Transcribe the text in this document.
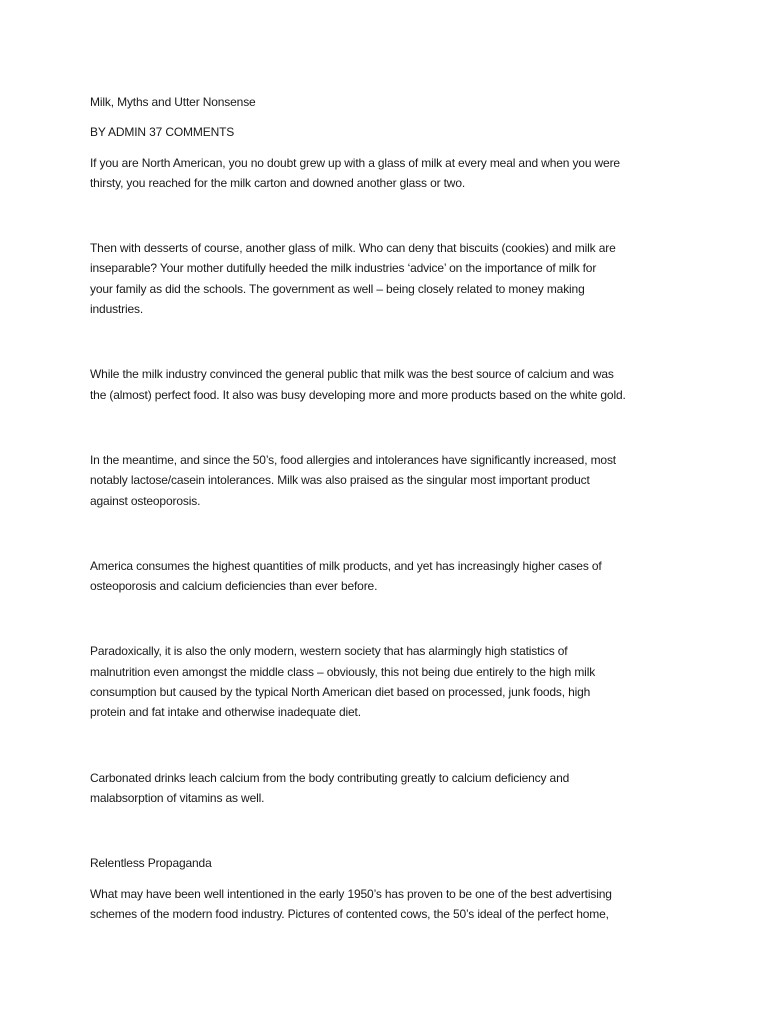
Milk, Myths and Utter Nonsense

BY ADMIN 37 COMMENTS

If you are North American, you no doubt grew up with a glass of milk at every meal and when you were
thirsty, you reached for the milk carton and downed another glass or two.

Then with desserts of course, another glass of milk. Who can deny that biscuits (cookies) and milk are
inseparable? Your mother dutifully heeded the milk industries ‘advice’ on the importance of milk for
your family as did the schools. The government as well – being closely related to money making
industries.

While the milk industry convinced the general public that milk was the best source of calcium and was
the (almost) perfect food. It also was busy developing more and more products based on the white gold.

In the meantime, and since the 50’s, food allergies and intolerances have significantly increased, most
notably lactose/casein intolerances. Milk was also praised as the singular most important product
against osteoporosis.

America consumes the highest quantities of milk products, and yet has increasingly higher cases of
osteoporosis and calcium deficiencies than ever before.

Paradoxically, it is also the only modern, western society that has alarmingly high statistics of
malnutrition even amongst the middle class – obviously, this not being due entirely to the high milk
consumption but caused by the typical North American diet based on processed, junk foods, high
protein and fat intake and otherwise inadequate diet.

Carbonated drinks leach calcium from the body contributing greatly to calcium deficiency and
malabsorption of vitamins as well.

Relentless Propaganda

What may have been well intentioned in the early 1950’s has proven to be one of the best advertising
schemes of the modern food industry. Pictures of contented cows, the 50’s ideal of the perfect home,
